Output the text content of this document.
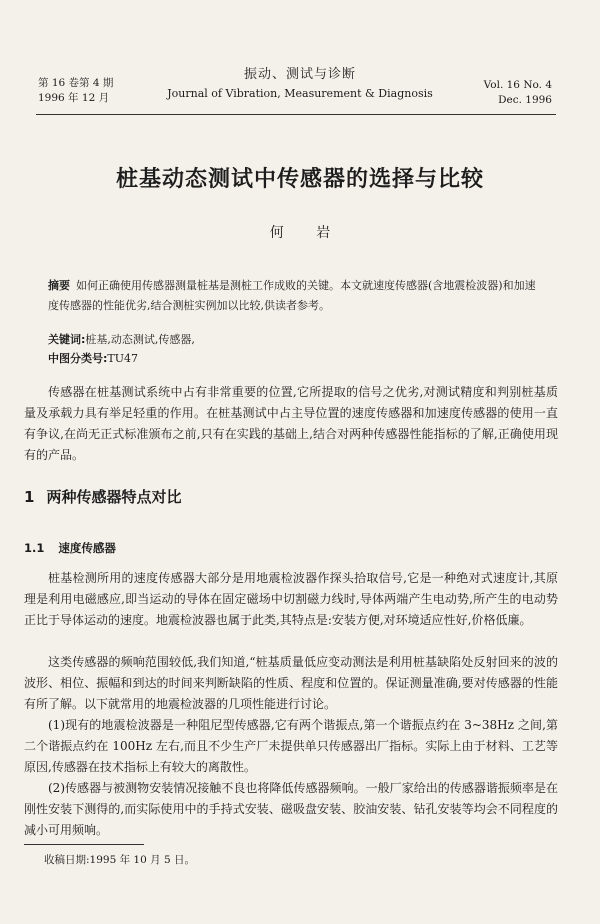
第 16 卷第 4 期
1996 年 12 月
振动、测试与诊断
Journal of Vibration, Measurement & Diagnosis
Vol. 16 No. 4
Dec. 1996
桩基动态测试中传感器的选择与比较
何 岩
摘要 如何正确使用传感器测量桩基是测桩工作成败的关键。本文就速度传感器(含地震检波器)和加速度传感器的性能优劣,结合测桩实例加以比较,供读者参考。
关键词:桩基,动态测试,传感器,
中图分类号:TU47
传感器在桩基测试系统中占有非常重要的位置,它所提取的信号之优劣,对测试精度和判别桩基质量及承载力具有举足轻重的作用。在桩基测试中占主导位置的速度传感器和加速度传感器的使用一直有争议,在尚无正式标准颁布之前,只有在实践的基础上,结合对两种传感器性能指标的了解,正确使用现有的产品。
1 两种传感器特点对比
1.1 速度传感器
桩基检测所用的速度传感器大部分是用地震检波器作探头拾取信号,它是一种绝对式速度计,其原理是利用电磁感应,即当运动的导体在固定磁场中切割磁力线时,导体两端产生电动势,所产生的电动势正比于导体运动的速度。地震检波器也属于此类,其特点是:安装方便,对环境适应性好,价格低廉。
这类传感器的频响范围较低,我们知道,“桩基质量低应变动测法是利用桩基缺陷处反射回来的波的波形、相位、振幅和到达的时间来判断缺陷的性质、程度和位置的。保证测量准确,要对传感器的性能有所了解。以下就常用的地震检波器的几项性能进行讨论。
(1)现有的地震检波器是一种阻尼型传感器,它有两个谐振点,第一个谐振点约在 3~38Hz 之间,第二个谐振点约在 100Hz 左右,而且不少生产厂未提供单只传感器出厂指标。实际上由于材料、工艺等原因,传感器在技术指标上有较大的离散性。
(2)传感器与被测物安装情况接触不良也将降低传感器频响。一般厂家给出的传感器谐振频率是在刚性安装下测得的,而实际使用中的手持式安装、磁吸盘安装、胶油安装、钻孔安装等均会不同程度的减小可用频响。
收稿日期:1995 年 10 月 5 日。
